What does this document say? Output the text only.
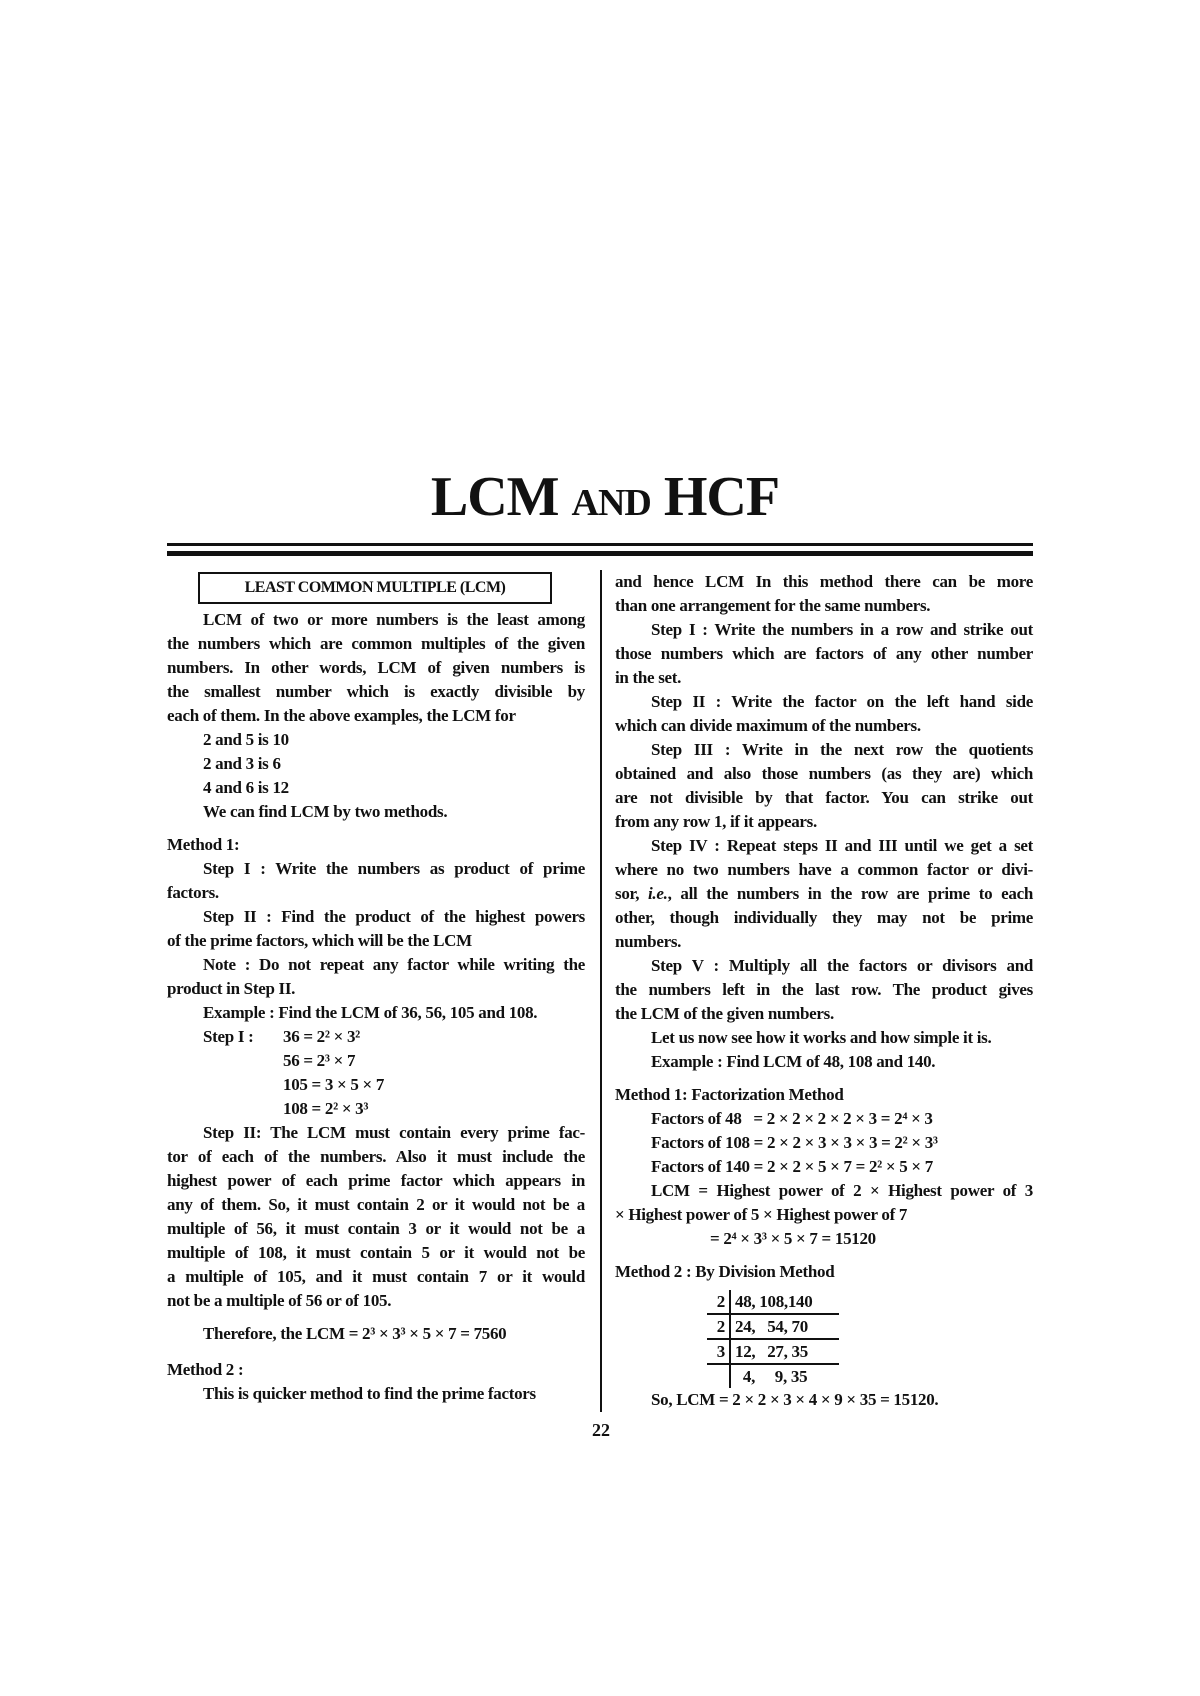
LCM AND HCF
LEAST COMMON MULTIPLE (LCM)
LCM of two or more numbers is the least among
the numbers which are common multiples of the given
numbers. In other words, LCM of given numbers is
the smallest number which is exactly divisible by
each of them. In the above examples, the LCM for
2 and 5 is 10
2 and 3 is 6
4 and 6 is 12
We can find LCM by two methods.
Method 1:
Step I : Write the numbers as product of prime
factors.
Step II : Find the product of the highest powers
of the prime factors, which will be the LCM
Note : Do not repeat any factor while writing the
product in Step II.
Example : Find the LCM of 36, 56, 105 and 108.
Step I : 36 = 2² × 3²
56 = 2³ × 7
105 = 3 × 5 × 7
108 = 2² × 3³
Step II: The LCM must contain every prime fac-
tor of each of the numbers. Also it must include the
highest power of each prime factor which appears in
any of them. So, it must contain 2 or it would not be a
multiple of 56, it must contain 3 or it would not be a
multiple of 108, it must contain 5 or it would not be
a multiple of 105, and it must contain 7 or it would
not be a multiple of 56 or of 105.
Therefore, the LCM = 2³ × 3³ × 5 × 7 = 7560
Method 2 :
This is quicker method to find the prime factors
and hence LCM In this method there can be more
than one arrangement for the same numbers.
Step I : Write the numbers in a row and strike out
those numbers which are factors of any other number
in the set.
Step II : Write the factor on the left hand side
which can divide maximum of the numbers.
Step III : Write in the next row the quotients
obtained and also those numbers (as they are) which
are not divisible by that factor. You can strike out
from any row 1, if it appears.
Step IV : Repeat steps II and III until we get a set
where no two numbers have a common factor or divi-
sor, i.e., all the numbers in the row are prime to each
other, though individually they may not be prime
numbers.
Step V : Multiply all the factors or divisors and
the numbers left in the last row. The product gives
the LCM of the given numbers.
Let us now see how it works and how simple it is.
Example : Find LCM of 48, 108 and 140.
Method 1: Factorization Method
Factors of 48   = 2 × 2 × 2 × 2 × 3 = 2⁴ × 3
Factors of 108 = 2 × 2 × 3 × 3 × 3 = 2² × 3³
Factors of 140 = 2 × 2 × 5 × 7 = 2² × 5 × 7
LCM = Highest power of 2 × Highest power of 3
× Highest power of 5 × Highest power of 7
= 2⁴ × 3³ × 5 × 7 = 15120
Method 2 : By Division Method
2	48, 108,140
2	24,   54, 70
3	12,   27, 35
	4,     9, 35
So, LCM = 2 × 2 × 3 × 4 × 9 × 35 = 15120.
22
